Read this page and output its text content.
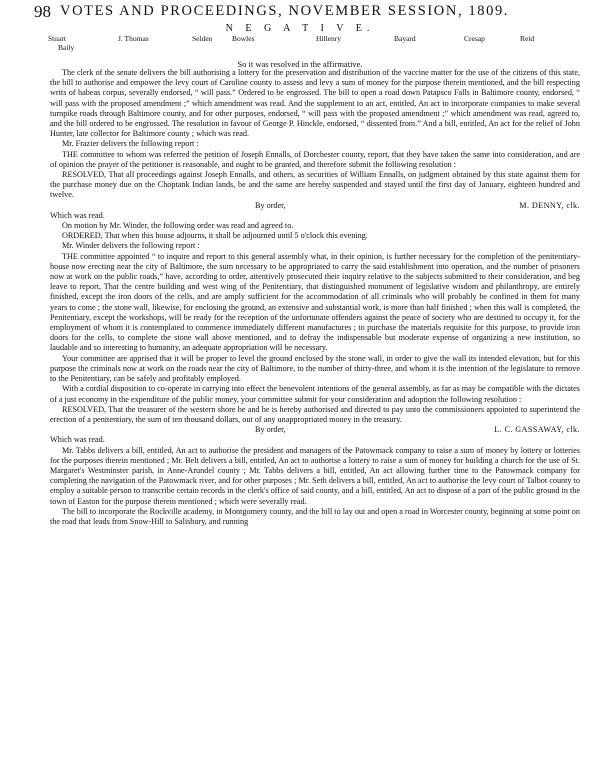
98 VOTES AND PROCEEDINGS, NOVEMBER SESSION, 1809.
N E G A T I V E.
Stuart	J. Thomas	Selden	Bowles	Hillenry	Bayard	Cresap	Reid
Baily
So it was resolved in the affirmative.

The clerk of the senate delivers the bill authorising a lottery for the preservation and distribution of the vaccine matter for the use of the citizens of this state, the bill to authorise and empower the levy court of Caroline county to assess and levy a sum of money for the purpose therein mentioned, and the bill respecting writs of habeas corpus, severally endorsed, “ will pass.” Ordered to be engrossed. The bill to open a road down Patapsco Falls in Baltimore county, endorsed, “ will pass with the proposed amendment ;” which amendment was read. And the supplement to an act, entitled, An act to incorporate companies to make several turnpike roads through Baltimore county, and for other purposes, endorsed, “ will pass with the proposed amendment ;” which amendment was read, agreed to, and the bill ordered to be engrossed. The resolution in favour of George P. Hinckle, endorsed, “ dissented from.” And a bill, entitled, An act for the relief of John Hunter, late collector for Baltimore county ; which was read.

Mr. Frazier delivers the following report :

THE committee to whom was referred the petition of Joseph Ennalls, of Dorchester county, report, that they have taken the same into consideration, and are of opinion the prayer of the petitioner is reasonable, and ought to be granted, and therefore submit the following resolution :

RESOLVED, That all proceedings against Joseph Ennalls, and others, as securities of William Ennalls, on judgment obtained by this state against them for the purchase money due on the Choptank Indian lands, be and the same are hereby suspended and stayed until the first day of January, eighteen hundred and twelve.

By order,	M. DENNY, clk.

Which was read.

On motion by Mr. Winder, the following order was read and agreed to.

ORDERED, That when this house adjourns, it shall be adjourned until 5 o'clock this evening.

Mr. Winder delivers the following report :

THE committee appointed “ to inquire and report to this general assembly what, in their opinion, is further necessary for the completion of the penitentiary-house now erecting near the city of Baltimore, the sum necessary to be appropriated to carry the said establishment into operation, and the number of prisoners now at work on the public roads,” have, according to order, attentively prosecuted their inquiry relative to the subjects submitted to their consideration, and beg leave to report, That the centre building and west wing of the Penitentiary, that distinguished monument of legislative wisdom and philanthropy, are entirely finished, except the iron doors of the cells, and are amply sufficient for the accommodation of all criminals who will probably be confined in them for many years to come ; the stone wall, likewise, for enclosing the ground, an extensive and substantial work, is more than half finished ; when this wall is completed, the Penitentiary, except the workshops, will be ready for the reception of the unfortunate offenders against the peace of society who are destined to occupy it, for the employment of whom it is contemplated to commence immediately different manufactures ; to purchase the materials requisite for this purpose, to provide iron doors for the cells, to complete the stone wall above mentioned, and to defray the indispensable but moderate expense of organizing a new institution, so laudable and so interesting to humanity, an adequate appropriation will be necessary.

Your committee are apprised that it will be proper to level the ground enclosed by the stone wall, in order to give the wall its intended elevation, but for this purpose the criminals now at work on the roads near the city of Baltimore, to the number of thirty-three, and whom it is the intention of the legislature to remove to the Penitentiary, can be safely and profitably employed.

With a cordial disposition to co-operate in carrying into effect the benevolent intentions of the general assembly, as far as may be compatible with the dictates of a just economy in the expenditure of the public money, your committee submit for your consideration and adoption the following resolution :

RESOLVED, That the treasurer of the western shore be and he is hereby authorised and directed to pay unto the commissioners appointed to superintend the erection of a penitentiary, the sum of ten thousand dollars, out of any unappropriated money in the treasury.

By order,	L. C. GASSAWAY, clk.

Which was read.

Mr. Tabbs delivers a bill, entitled, An act to authorise the president and managers of the Patowmack company to raise a sum of money by lottery or lotteries for the purposes therein mentioned ; Mr. Belt delivers a bill, entitled, An act to authorise a lottery to raise a sum of money for building a church for the use of St. Margaret's Westminster parish, in Anne-Arundel county ; Mr. Tabbs delivers a bill, entitled, An act allowing further time to the Patowmack company for completing the navigation of the Patowmack river, and for other purposes ; Mr. Seth delivers a bill, entitled, An act to authorise the levy court of Talbot county to employ a suitable person to transcribe certain records in the clerk's office of said county, and a bill, entitled, An act to dispose of a part of the public ground in the town of Easton for the purpose therein mentioned ; which were severally read.

The bill to incorporate the Rockville academy, in Montgomery county, and the bill to lay out and open a road in Worcester county, beginning at some point on the road that leads from Snow-Hill to Salisbury, and running
